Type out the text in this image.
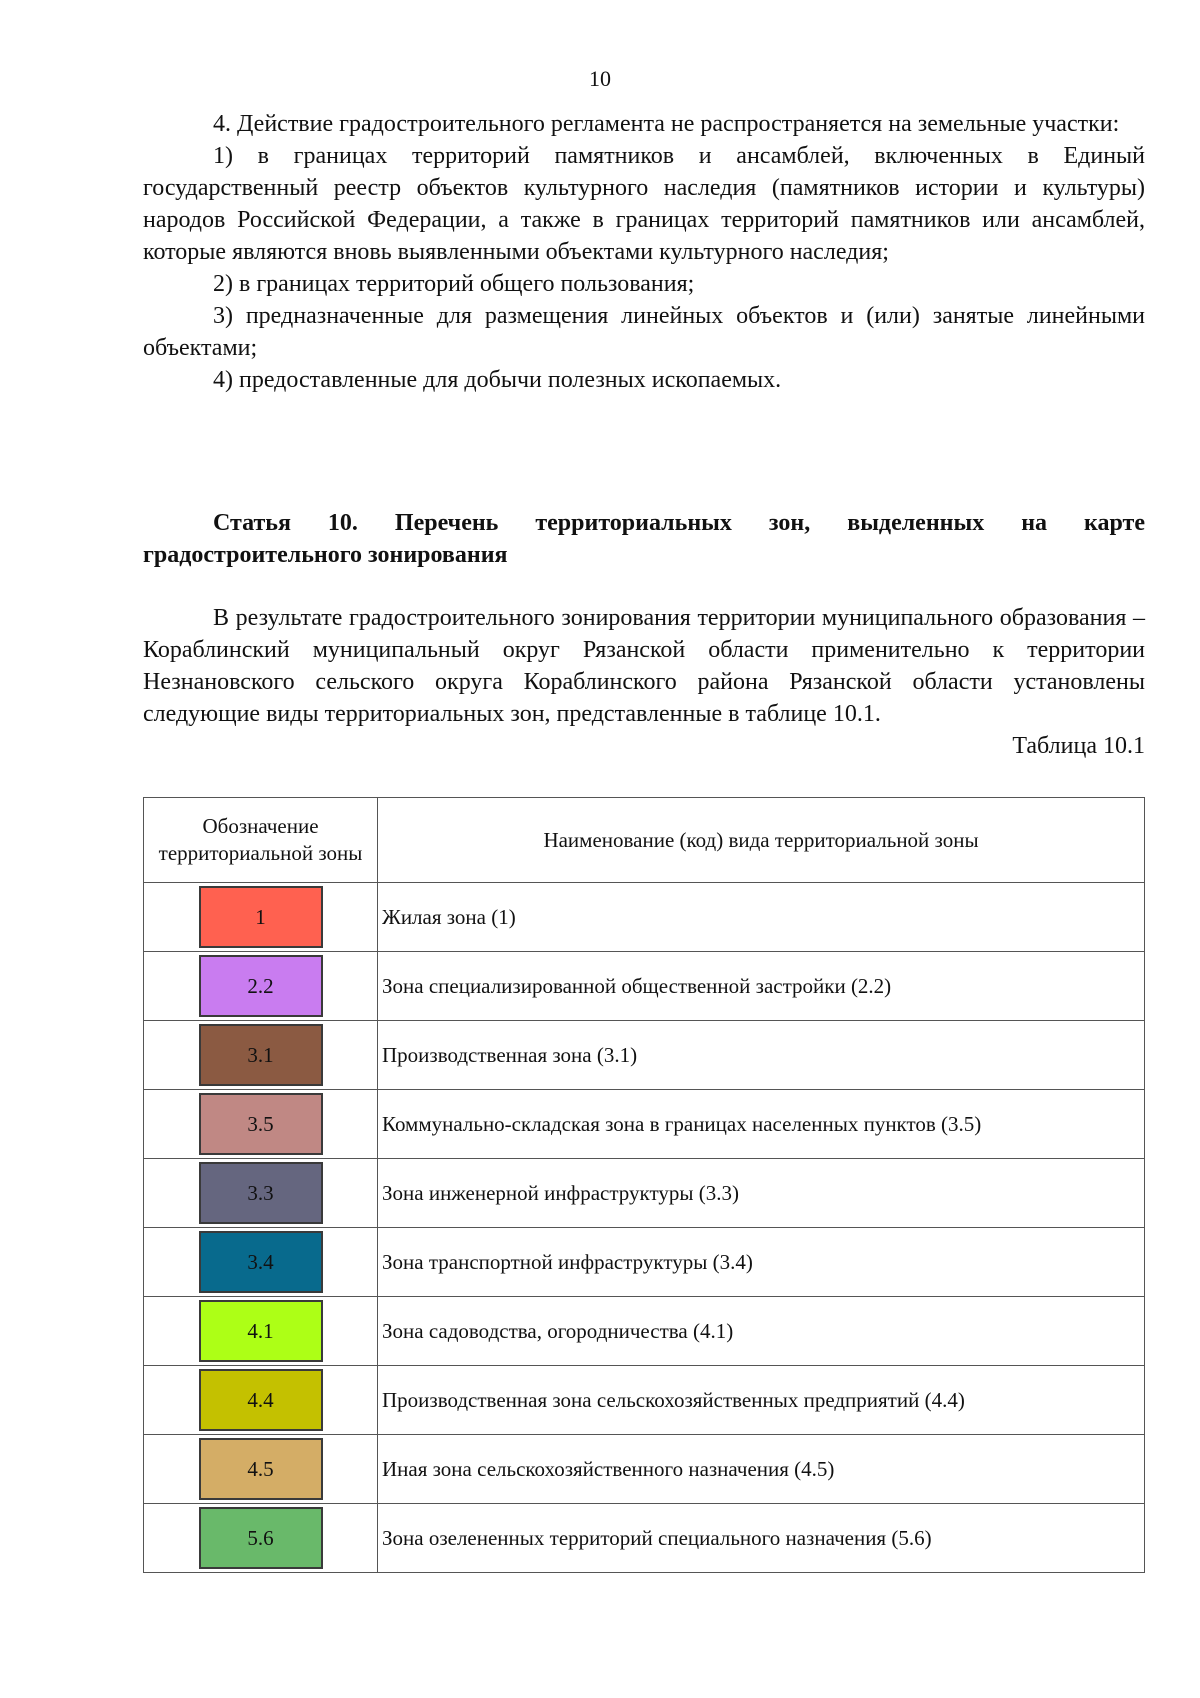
10

4. Действие градостроительного регламента не распространяется на земельные участки:

1) в границах территорий памятников и ансамблей, включенных в Единый государственный реестр объектов культурного наследия (памятников истории и культуры) народов Российской Федерации, а также в границах территорий памятников или ансамблей, которые являются вновь выявленными объектами культурного наследия;

2) в границах территорий общего пользования;

3) предназначенные для размещения линейных объектов и (или) занятые линейными объектами;

4) предоставленные для добычи полезных ископаемых.

Статья 10. Перечень территориальных зон, выделенных на карте градостроительного зонирования

В результате градостроительного зонирования территории муниципального образования – Кораблинский муниципальный округ Рязанской области применительно к территории Незнановского сельского округа Кораблинского района Рязанской области установлены следующие виды территориальных зон, представленные в таблице 10.1.

Таблица 10.1

Обозначение территориальной зоны	Наименование (код) вида территориальной зоны

1	Жилая зона (1)

2.2	Зона специализированной общественной застройки (2.2)

3.1	Производственная зона (3.1)

3.5	Коммунально-складская зона в границах населенных пунктов (3.5)

3.3	Зона инженерной инфраструктуры (3.3)

3.4	Зона транспортной инфраструктуры (3.4)

4.1	Зона садоводства, огородничества (4.1)

4.4	Производственная зона сельскохозяйственных предприятий (4.4)

4.5	Иная зона сельскохозяйственного назначения (4.5)

5.6	Зона озелененных территорий специального назначения (5.6)
